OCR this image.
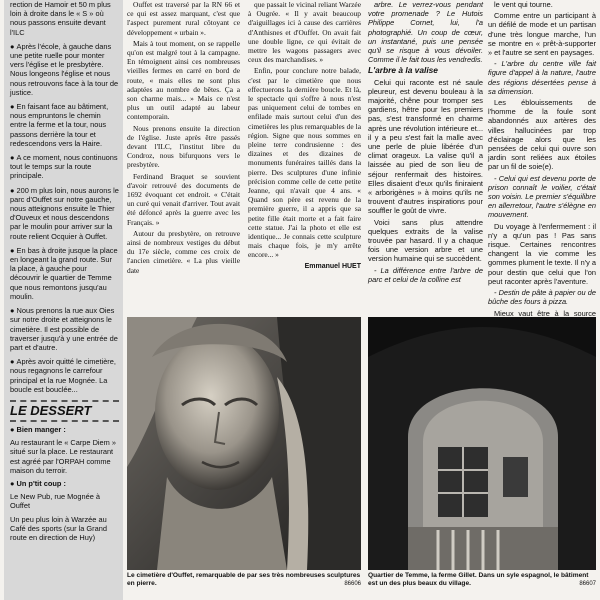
rection de Hamoir et 50 m plus loin à droite dans le « S » où nous passons ensuite devant l'ILC
● Après l'école, à gauche dans une petite ruelle pour monter vers l'église et le presbytère. Nous longeons l'église et nous nous retrouvons face à la tour de justice.
● En faisant face au bâtiment, nous empruntons le chemin entre la ferme et la tour, nous passons derrière la tour et redescendons vers la Haire.
● A ce moment, nous continuons tout le temps sur la route principale.
● 200 m plus loin, nous aurons le parc d'Ouffet sur notre gauche, nous atteignons ensuite le Thier d'Ouveux et nous descendons par le moulin pour arriver sur la route relient Ocquier à Ouffet.
● En bas à droite jusque la place en longeant la grand route. Sur la place, à gauche pour découvrir le quartier de Temme que nous remontons jusqu'au moulin.
● Nous prenons la rue aux Oies sur notre droite et atteignons le cimetière. Il est possible de traverser jusqu'à y une entrée de part et d'autre.
● Après avoir quitté le cimetière, nous regagnons le carrefour principal et la rue Mognée. La boucle est bouclée...
LE DESSERT
● Bien manger :
Au restaurant le « Carpe Diem » situé sur la place. Le restaurant est agréé par l'ORPAH comme maison du terroir.
● Un p'tit coup :
Le New Pub, rue Mognée à Ouffet
Un peu plus loin à Warzée au Café des sports (sur la Grand route en direction de Huy)

Ouffet est traversé par la RN 66 et ce qui est assez marquant, c'est que l'aspect purement rural côtoyant ce développement « urbain ».

Mais à tout moment, on se rappelle qu'on est malgré tout à la campagne. En témoignent ainsi ces nombreuses vieilles fermes en carré en bord de route, « mais elles ne sont plus adaptées au nombre de bêtes. Ça a son charme mais... » Mais ce n'est plus un outil adapté au labeur contemporain.

Nous prenons ensuite la direction de l'église. Juste après être passés devant l'ILC, l'institut libre du Condroz, nous bifurquons vers le presbytère.

Ferdinand Braquet se souvient d'avoir retrouvé des documents de 1692 évoquant cet endroit. « C'était un curé qui venait d'arriver. Tout avait été défoncé après la guerre avec les Français. »

Autour du presbytère, on retrouve ainsi de nombreux vestiges du début du 17e siècle, comme ces croix de l'ancien cimetière. « La plus vieille date

que passait le vicinal reliant Warzée à Ougrée. « Il y avait beaucoup d'aiguillages ici à cause des carrières d'Anthisnes et d'Ouffet. On avait fait une double ligne, ce qui évitait de mettre les wagons passagers avec ceux des marchandises. »

Enfin, pour conclure notre balade, c'est par le cimetière que nous effectuerons la dernière boucle. Et là, le spectacle qui s'offre à nous n'est pas uniquement celui de tombes en enfilade mais surtout celui d'un des cimetières les plus remarquables de la région. Signe que nous sommes en pleine terre condrusienne : des dizaines et des dizaines de monuments funéraires taillés dans la pierre. Des sculptures d'une infinie précision comme celle de cette petite Jeanne, qui n'avait que 4 ans. « Quand son père est revenu de la première guerre, il a appris que sa petite fille était morte et a fait faire cette statue. J'ai la photo et elle est identique... Je connais cette sculpture mais chaque fois, je m'y arrête encore... »

Emmanuel HUET

arbre. Le verrez-vous pendant votre promenade ? Le Hutois Philippe Cornet, lui, l'a photographié. Un coup de cœur, un instantané, puis une pensée qu'il se risque à vous dévoiler. Comme il le fait tous les vendredis.

L'arbre à la valise

Celui qui raconte est né saule pleureur, est devenu bouleau à la majorité, chêne pour tromper ses gardiens, hêtre pour les premiers pas, s'est transformé en charme après une révolution intérieure et... il y a peu s'est fait la malle avec une perle de pluie libérée d'un climat orageux. La valise qu'il a laissée au pied de son lieu de séjour renfermait des histoires. Elles disaient d'eux qu'ils finiraient « arborigènes » à moins qu'ils ne trouvent d'autres inspirations pour souffler le goût de vivre.

Voici sans plus attendre quelques extraits de la valise trouvée par hasard. Il y a chaque fois une version arbre et une version humaine qui se succèdent.

- La différence entre l'arbre de parc et celui de la colline est

le vent qui tourne.

Comme entre un participant à un défilé de mode et un partisan d'une très longue marche, l'un se montre en « prêt-à-supporter » et l'autre se sent en paysages.

- L'arbre du centre ville fait figure d'appel à la nature, l'autre des régions désertées pense à sa dimension.

Les éblouissements de l'homme de la foule sont abandonnés aux artères des villes hallucinées par trop d'éclairage alors que les pensées de celui qui ouvre son jardin sont reliées aux étoiles par un fil de soie(e).

- Celui qui est devenu porte de prison connaît le voilier, c'était son voisin. Le premier s'équilibre en allerretour, l'autre s'élègne en mouvement.

Du voyage à l'enfermement : il n'y a qu'un pas ! Pas sans risque. Certaines rencontres changent la vie comme les gommes plument le texte. Il n'y a pour destin que celui que l'on peut raconter après l'aventure.

- Destin de pâte à papier ou de bûche des fours à pizza.

Mieux vaut être à la source

Le cimetière d'Ouffet, remarquable de par ses très nombreuses sculptures en pierre.	86606
Quartier de Temme, la ferme Gillet. Dans un syle espagnol, le bâtiment est un des plus beaux du village.	86607
